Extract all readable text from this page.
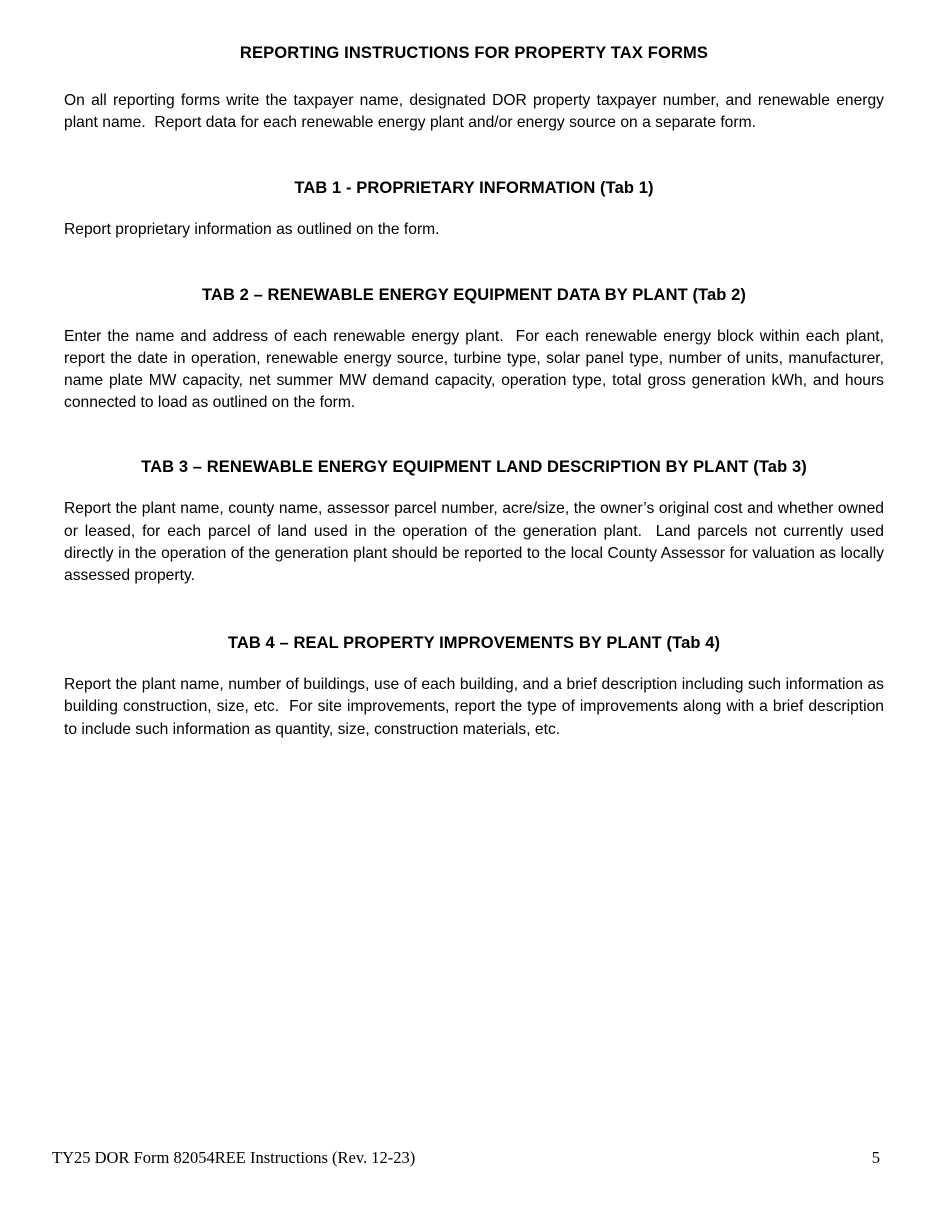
REPORTING INSTRUCTIONS FOR PROPERTY TAX FORMS

On all reporting forms write the taxpayer name, designated DOR property taxpayer number, and renewable energy plant name.  Report data for each renewable energy plant and/or energy source on a separate form.

TAB 1 - PROPRIETARY INFORMATION (Tab 1)

Report proprietary information as outlined on the form.

TAB 2 – RENEWABLE ENERGY EQUIPMENT DATA BY PLANT (Tab 2)

Enter the name and address of each renewable energy plant.  For each renewable energy block within each plant, report the date in operation, renewable energy source, turbine type, solar panel type, number of units, manufacturer, name plate MW capacity, net summer MW demand capacity, operation type, total gross generation kWh, and hours connected to load as outlined on the form.

TAB 3 – RENEWABLE ENERGY EQUIPMENT LAND DESCRIPTION BY PLANT (Tab 3)

Report the plant name, county name, assessor parcel number, acre/size, the owner’s original cost and whether owned or leased, for each parcel of land used in the operation of the generation plant.  Land parcels not currently used directly in the operation of the generation plant should be reported to the local County Assessor for valuation as locally assessed property.

TAB 4 – REAL PROPERTY IMPROVEMENTS BY PLANT (Tab 4)

Report the plant name, number of buildings, use of each building, and a brief description including such information as building construction, size, etc.  For site improvements, report the type of improvements along with a brief description to include such information as quantity, size, construction materials, etc.

TY25 DOR Form 82054REE Instructions (Rev. 12-23)	5
